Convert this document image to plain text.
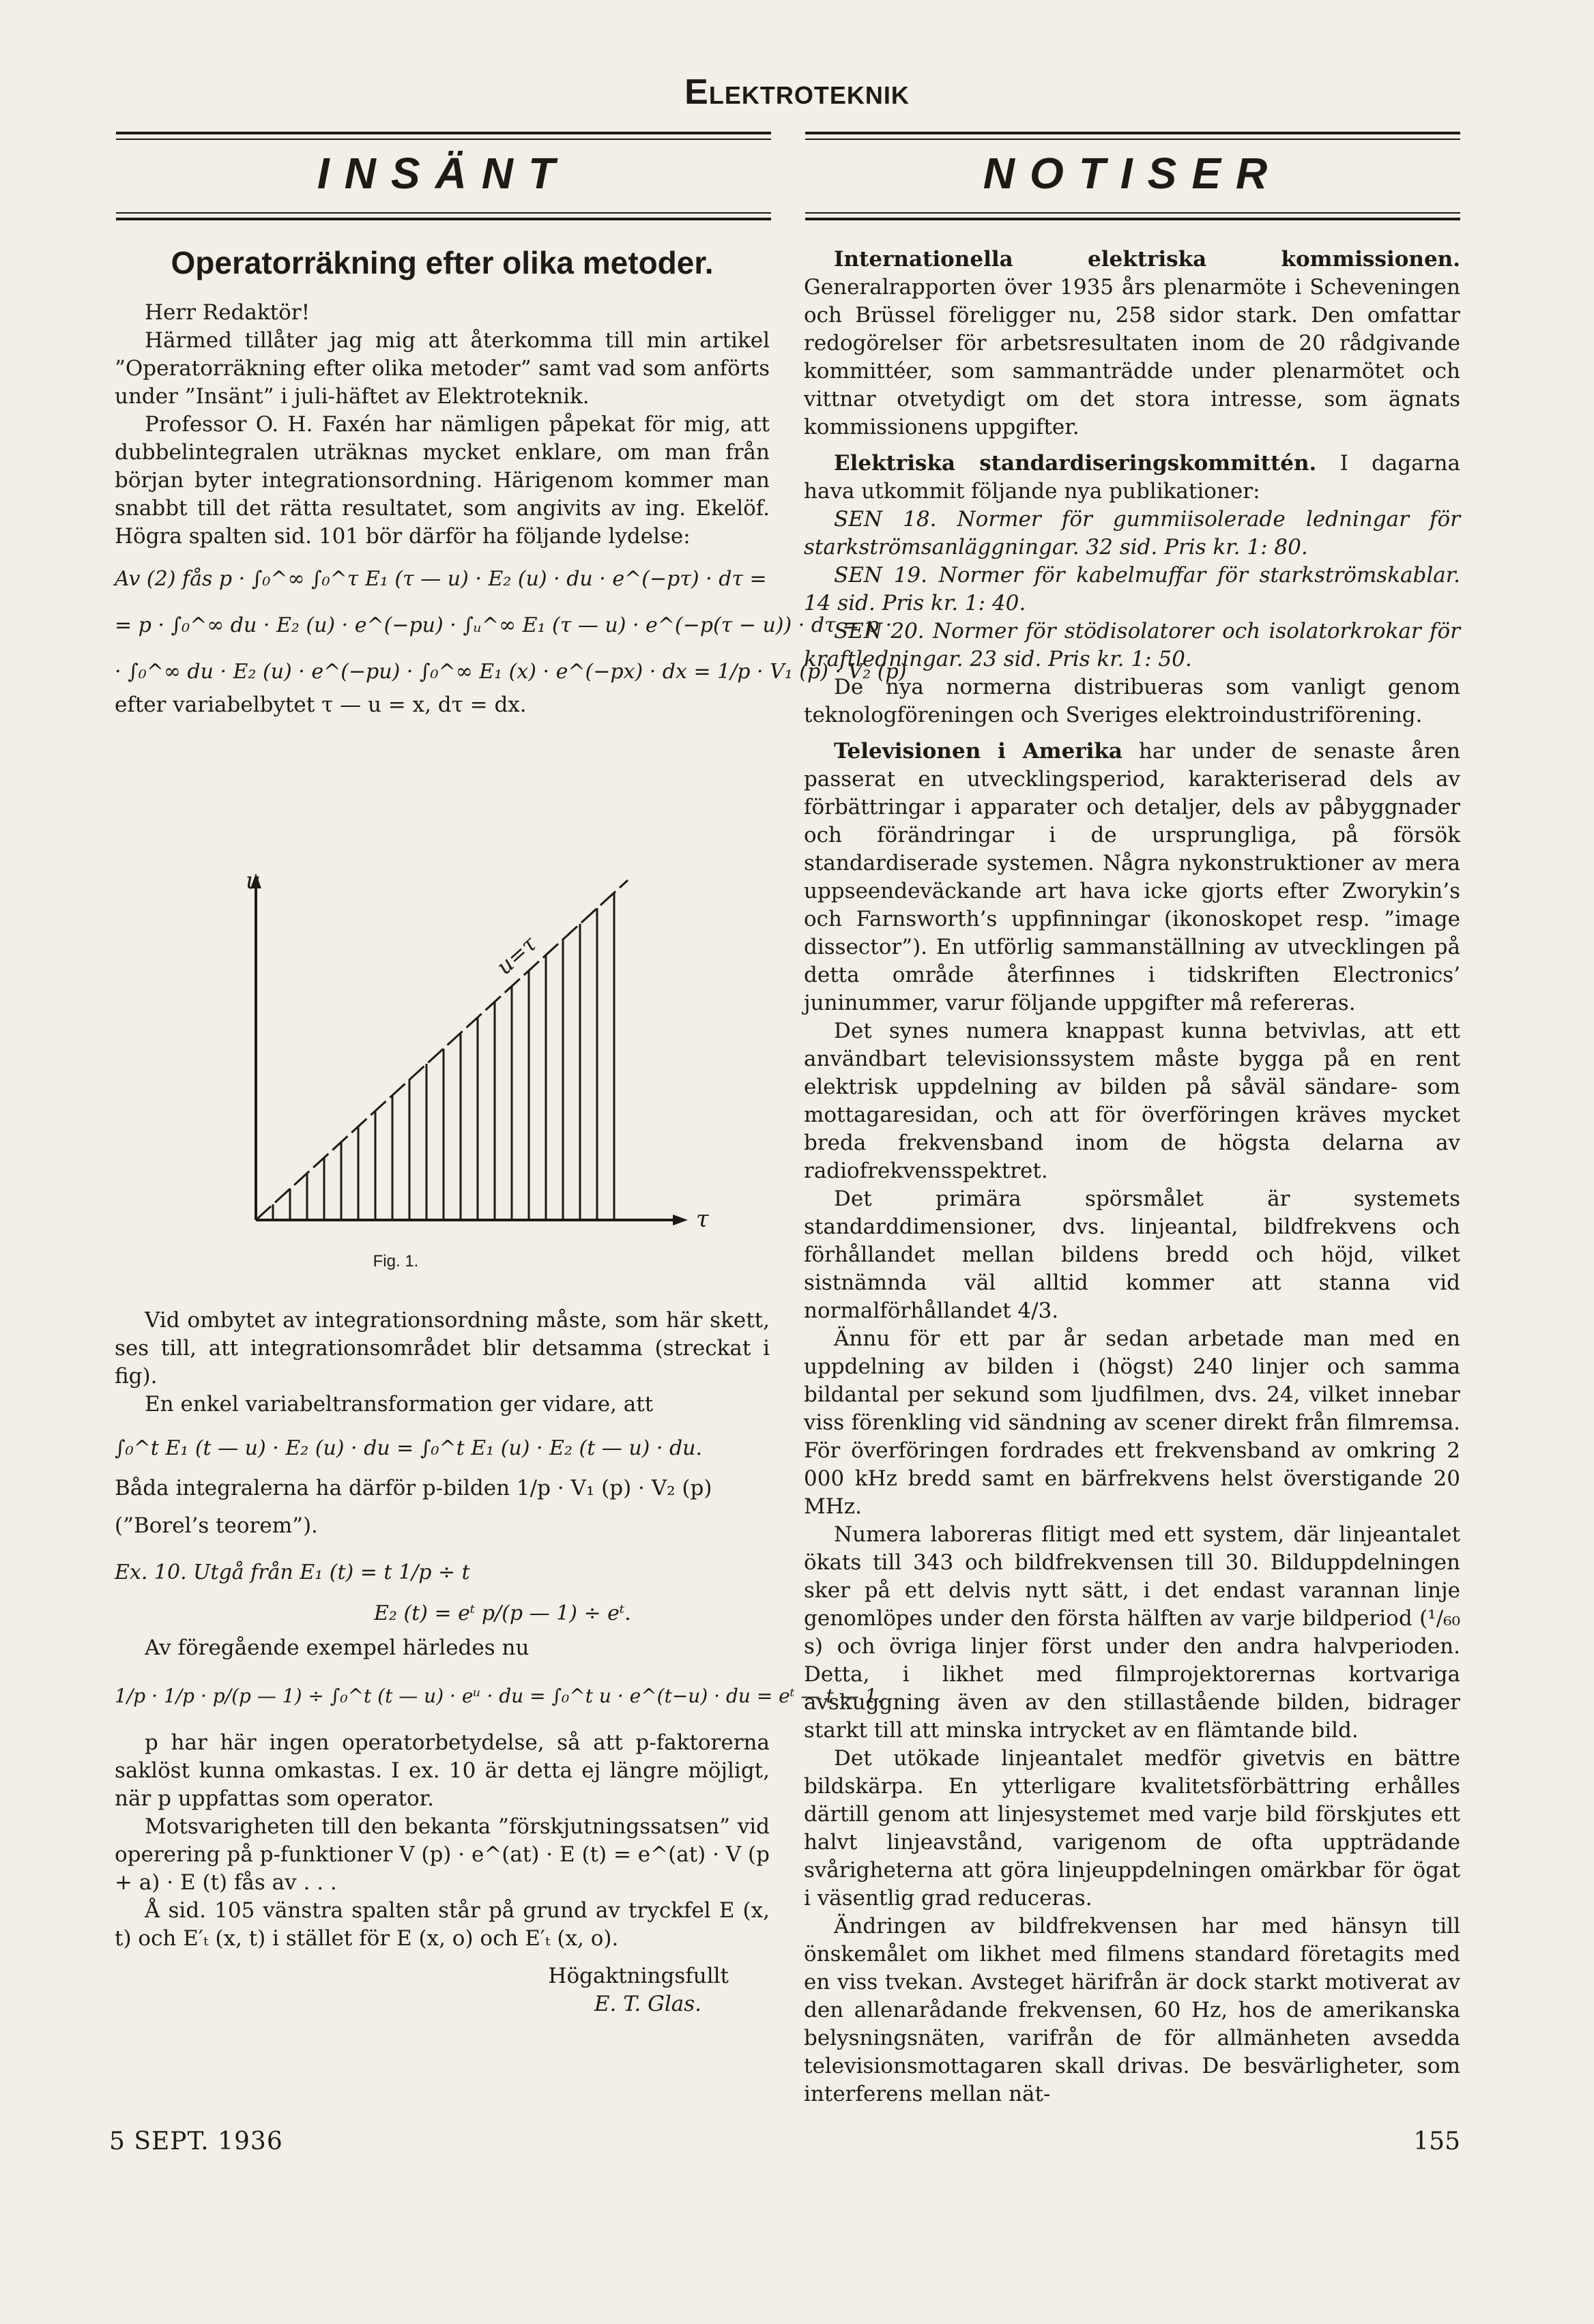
Elektroteknik
INSÄNT	NOTISER
Operatorräkning efter olika metoder.

Herr Redaktör!

Härmed tillåter jag mig att återkomma till min artikel ”Operatorräkning efter olika metoder” samt vad som anförts under ”Insänt” i juli-häftet av Elektroteknik.

Professor O. H. Faxén har nämligen påpekat för mig, att dubbelintegralen uträknas mycket enklare, om man från början byter integrationsordning. Härigenom kommer man snabbt till det rätta resultatet, som angivits av ing. Ekelöf. Högra spalten sid. 101 bör därför ha följande lydelse:

Av (2) fås p · ∫₀^∞ ∫₀^τ E₁ (τ — u) · E₂ (u) · du · e^(−pτ) · dτ =
= p · ∫₀^∞ du · E₂ (u) · e^(−pu) · ∫ᵤ^∞ E₁ (τ — u) · e^(−p(τ − u)) · dτ = p ·
· ∫₀^∞ du · E₂ (u) · e^(−pu) · ∫₀^∞ E₁ (x) · e^(−px) · dx = 1/p · V₁ (p) · V₂ (p)

efter variabelbytet τ — u = x, dτ = dx.

u
τ
u=τ
Fig. 1.

Vid ombytet av integrationsordning måste, som här skett, ses till, att integrationsområdet blir detsamma (streckat i fig).

En enkel variabeltransformation ger vidare, att

∫₀^t E₁ (t — u) · E₂ (u) · du = ∫₀^t E₁ (u) · E₂ (t — u) · du.

Båda integralerna ha därför p-bilden 1/p · V₁ (p) · V₂ (p)

(”Borel’s teorem”).

Ex. 10. Utgå från E₁ (t) = t 1/p ÷ t
E₂ (t) = eᵗ p/(p — 1) ÷ eᵗ.

Av föregående exempel härledes nu

1/p · 1/p · p/(p — 1) ÷ ∫₀^t (t — u) · eᵘ · du = ∫₀^t u · e^(t−u) · du = eᵗ — t — 1.

p har här ingen operatorbetydelse, så att p-faktorerna saklöst kunna omkastas. I ex. 10 är detta ej längre möjligt, när p uppfattas som operator.

Motsvarigheten till den bekanta ”förskjutningssatsen” vid operering på p-funktioner V (p) · e^(at) · E (t) = e^(at) · V (p + a) · E (t) fås av . . .

Å sid. 105 vänstra spalten står på grund av tryckfel E (x, t) och E′ₜ (x, t) i stället för E (x, o) och E′ₜ (x, o).

Högaktningsfullt
E. T. Glas.

Internationella elektriska kommissionen. Generalrapporten över 1935 års plenarmöte i Scheveningen och Brüssel föreligger nu, 258 sidor stark. Den omfattar redogörelser för arbetsresultaten inom de 20 rådgivande kommittéer, som sammanträdde under plenarmötet och vittnar otvetydigt om det stora intresse, som ägnats kommissionens uppgifter.

Elektriska standardiseringskommittén. I dagarna hava utkommit följande nya publikationer:

SEN 18. Normer för gummiisolerade ledningar för starkströmsanläggningar. 32 sid. Pris kr. 1: 80.

SEN 19. Normer för kabelmuffar för starkströmskablar. 14 sid. Pris kr. 1: 40.

SEN 20. Normer för stödisolatorer och isolatorkrokar för kraftledningar. 23 sid. Pris kr. 1: 50.

De nya normerna distribueras som vanligt genom teknologföreningen och Sveriges elektroindustriförening.

Televisionen i Amerika har under de senaste åren passerat en utvecklingsperiod, karakteriserad dels av förbättringar i apparater och detaljer, dels av påbyggnader och förändringar i de ursprungliga, på försök standardiserade systemen. Några nykonstruktioner av mera uppseendeväckande art hava icke gjorts efter Zworykin’s och Farnsworth’s uppfinningar (ikonoskopet resp. ”image dissector”). En utförlig sammanställning av utvecklingen på detta område återfinnes i tidskriften Electronics’ juninummer, varur följande uppgifter må refereras.

Det synes numera knappast kunna betvivlas, att ett användbart televisionssystem måste bygga på en rent elektrisk uppdelning av bilden på såväl sändare- som mottagaresidan, och att för överföringen kräves mycket breda frekvensband inom de högsta delarna av radiofrekvensspektret.

Det primära spörsmålet är systemets standarddimensioner, dvs. linjeantal, bildfrekvens och förhållandet mellan bildens bredd och höjd, vilket sistnämnda väl alltid kommer att stanna vid normalförhållandet 4/3.

Ännu för ett par år sedan arbetade man med en uppdelning av bilden i (högst) 240 linjer och samma bildantal per sekund som ljudfilmen, dvs. 24, vilket innebar viss förenkling vid sändning av scener direkt från filmremsa. För överföringen fordrades ett frekvensband av omkring 2 000 kHz bredd samt en bärfrekvens helst överstigande 20 MHz.

Numera laboreras flitigt med ett system, där linjeantalet ökats till 343 och bildfrekvensen till 30. Bilduppdelningen sker på ett delvis nytt sätt, i det endast varannan linje genomlöpes under den första hälften av varje bildperiod (¹/₆₀ s) och övriga linjer först under den andra halvperioden. Detta, i likhet med filmprojektorernas kortvariga avskuggning även av den stillastående bilden, bidrager starkt till att minska intrycket av en flämtande bild.

Det utökade linjeantalet medför givetvis en bättre bildskärpa. En ytterligare kvalitetsförbättring erhålles därtill genom att linjesystemet med varje bild förskjutes ett halvt linjeavstånd, varigenom de ofta uppträdande svårigheterna att göra linjeuppdelningen omärkbar för ögat i väsentlig grad reduceras.

Ändringen av bildfrekvensen har med hänsyn till önskemålet om likhet med filmens standard företagits med en viss tvekan. Avsteget härifrån är dock starkt motiverat av den allenarådande frekvensen, 60 Hz, hos de amerikanska belysningsnäten, varifrån de för allmänheten avsedda televisionsmottagaren skall drivas. De besvärligheter, som interferens mellan nät-

5 SEPT. 1936	155
